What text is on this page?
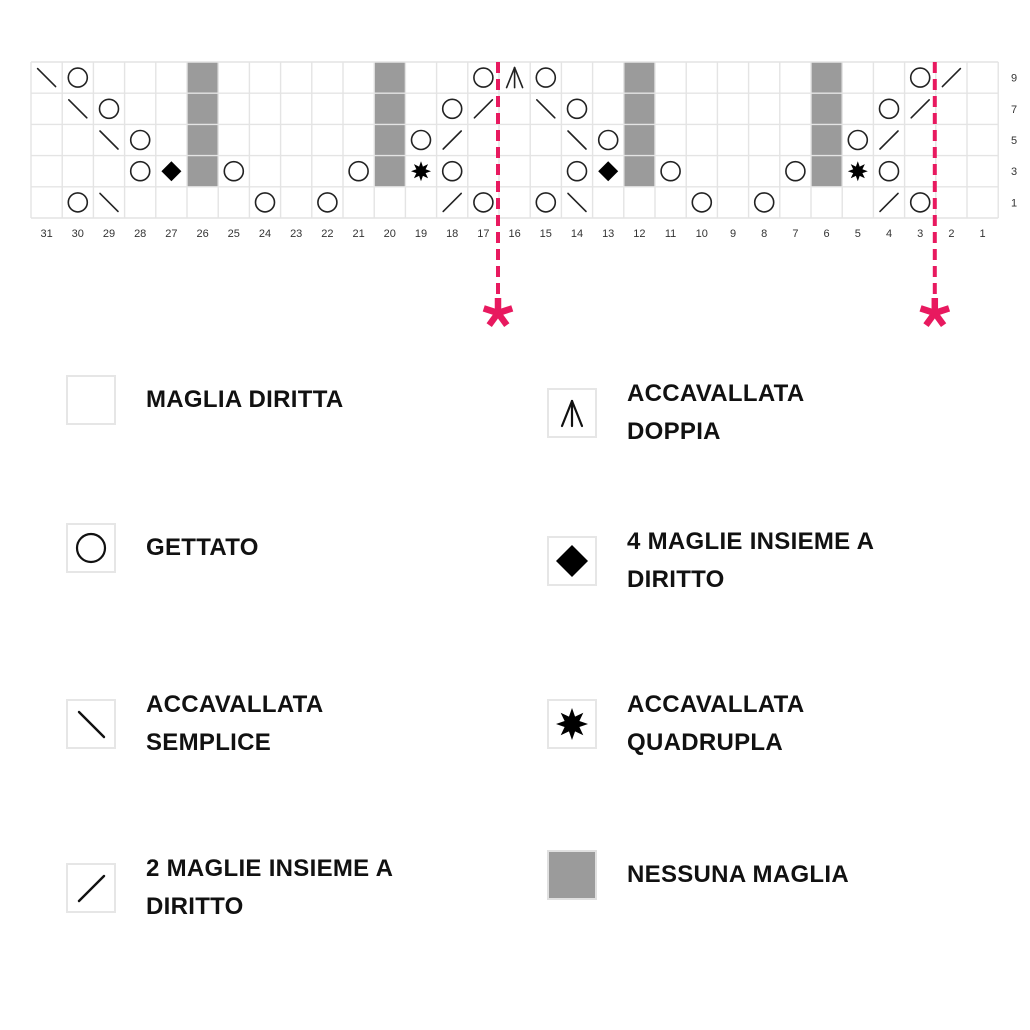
31 30 29 28 27 26 25 24 23 22 21 20 19 18 17 16 15 14 13 12 11 10 9 8 7 6 5 4 3 2 1
9
7
5
3
1
MAGLIA DIRITTA
GETTATO
ACCAVALLATA
SEMPLICE
2 MAGLIE INSIEME A
DIRITTO
ACCAVALLATA
DOPPIA
4 MAGLIE INSIEME A
DIRITTO
ACCAVALLATA
QUADRUPLA
NESSUNA MAGLIA
